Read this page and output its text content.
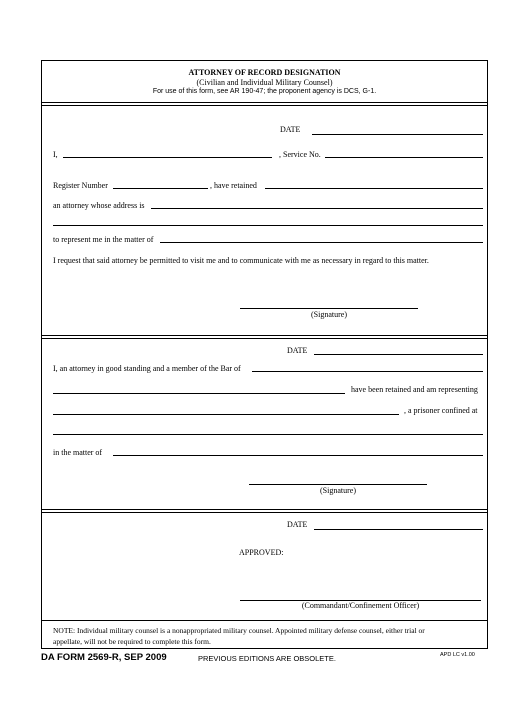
ATTORNEY OF RECORD DESIGNATION
(Civilian and Individual Military Counsel)
For use of this form, see AR 190-47; the proponent agency is DCS, G-1.
DATE
I,	, Service No.
Register Number	, have retained
an attorney whose address is
to represent me in the matter of
I request that said attorney be permitted to visit me and to communicate with me as necessary in regard to this matter.
(Signature)
DATE
I, an attorney in good standing and a member of the Bar of
have been retained and am representing
, a prisoner confined at
in the matter of
(Signature)
DATE
APPROVED:
(Commandant/Confinement Officer)
NOTE: Individual military counsel is a nonappropriated military counsel. Appointed military defense counsel, either trial or
appellate, will not be required to complete this form.
DA FORM 2569-R, SEP 2009	PREVIOUS EDITIONS ARE OBSOLETE.	APD LC v1.00
